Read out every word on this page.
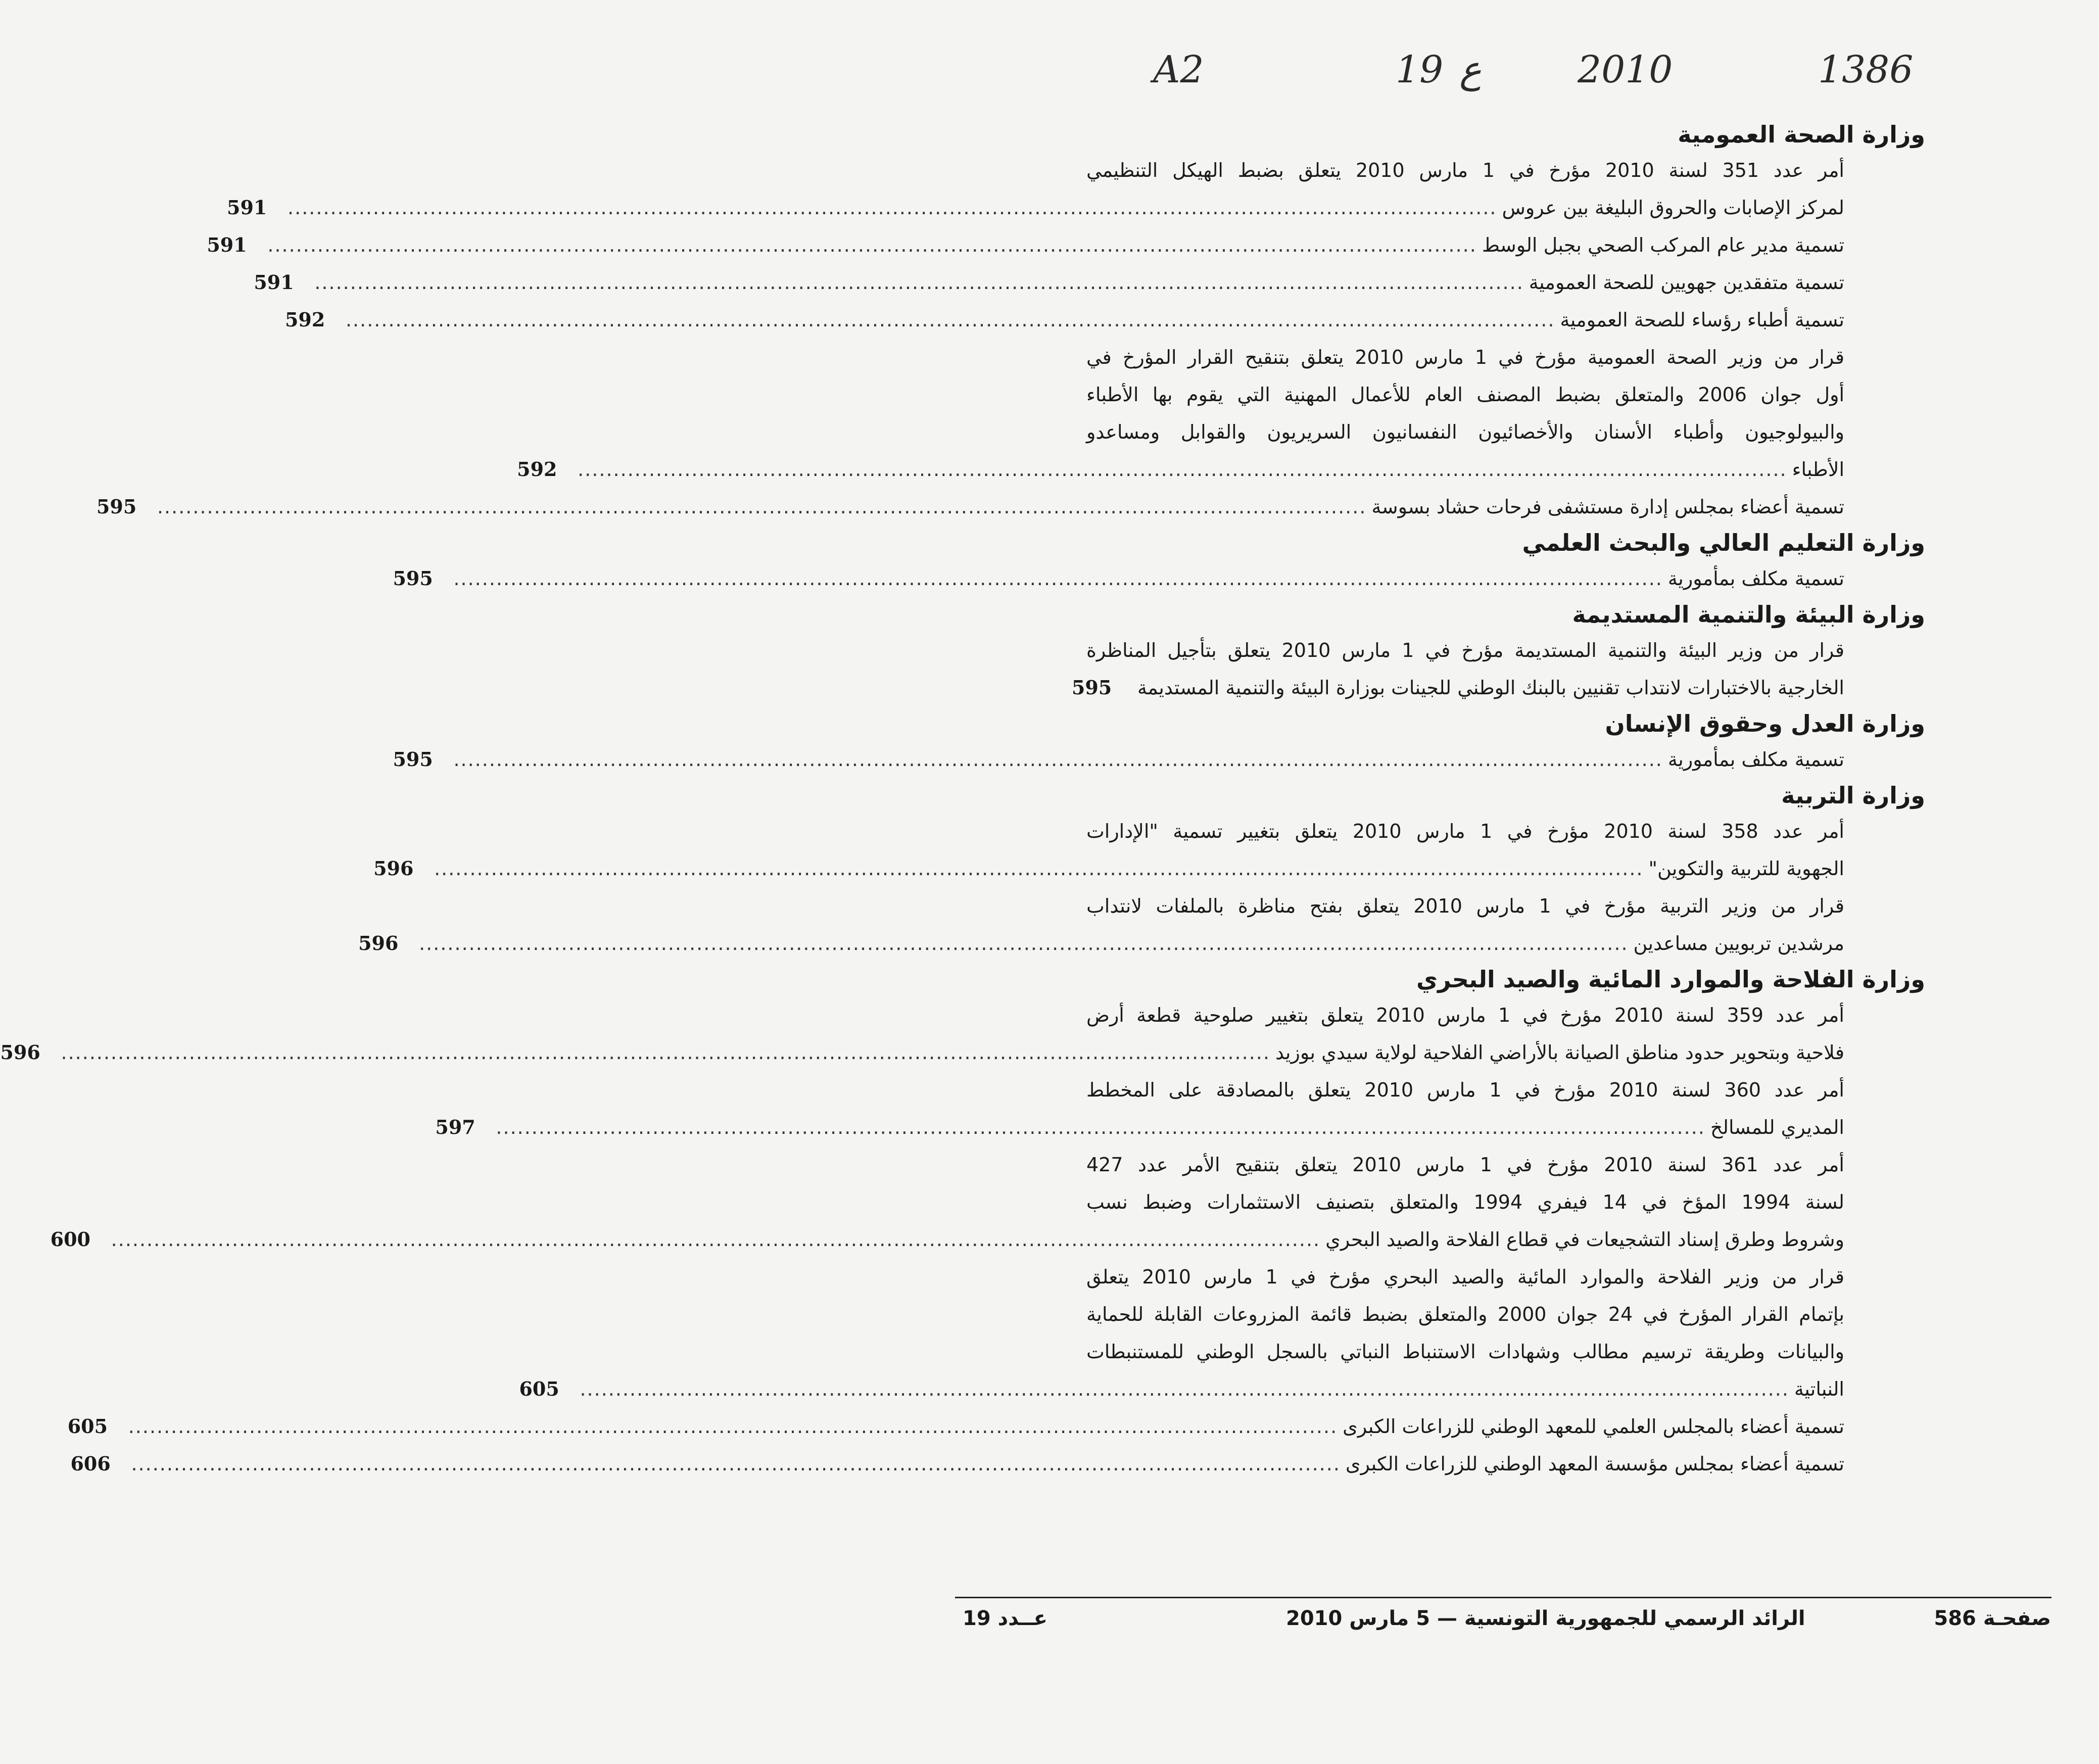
A2	19 ع	2010	1386
وزارة الصحة العمومية
أمر عدد 351 لسنة 2010 مؤرخ في 1 مارس 2010 يتعلق بضبط الهيكل التنظيمي
لمركز الإصابات والحروق البليغة بين عروس
..........................................................................................................................................................................
591
تسمية مدير عام المركب الصحي بجبل الوسط
..........................................................................................................................................................................
591
تسمية متفقدين جهويين للصحة العمومية
..........................................................................................................................................................................
591
تسمية أطباء رؤساء للصحة العمومية
..........................................................................................................................................................................
592
قرار من وزير الصحة العمومية مؤرخ في 1 مارس 2010 يتعلق بتنقيح القرار المؤرخ في
أول جوان 2006 والمتعلق بضبط المصنف العام للأعمال المهنية التي يقوم بها الأطباء
والبيولوجيون وأطباء الأسنان والأخصائيون النفسانيون السريريون والقوابل ومساعدو
الأطباء
..........................................................................................................................................................................
592
تسمية أعضاء بمجلس إدارة مستشفى فرحات حشاد بسوسة
..........................................................................................................................................................................
595
وزارة التعليم العالي والبحث العلمي
تسمية مكلف بمأمورية
..........................................................................................................................................................................
595
وزارة البيئة والتنمية المستديمة
قرار من وزير البيئة والتنمية المستديمة مؤرخ في 1 مارس 2010 يتعلق بتأجيل المناظرة
الخارجية بالاختبارات لانتداب تقنيين بالبنك الوطني للجينات بوزارة البيئة والتنمية المستديمة
595
وزارة العدل وحقوق الإنسان
تسمية مكلف بمأمورية
..........................................................................................................................................................................
595
وزارة التربية
أمر عدد 358 لسنة 2010 مؤرخ في 1 مارس 2010 يتعلق بتغيير تسمية "الإدارات
الجهوية للتربية والتكوين"
..........................................................................................................................................................................
596
قرار من وزير التربية مؤرخ في 1 مارس 2010 يتعلق بفتح مناظرة بالملفات لانتداب
مرشدين تربويين مساعدين
..........................................................................................................................................................................
596
وزارة الفلاحة والموارد المائية والصيد البحري
أمر عدد 359 لسنة 2010 مؤرخ في 1 مارس 2010 يتعلق بتغيير صلوحية قطعة أرض
فلاحية وبتحوير حدود مناطق الصيانة بالأراضي الفلاحية لولاية سيدي بوزيد
..........................................................................................................................................................................
596
أمر عدد 360 لسنة 2010 مؤرخ في 1 مارس 2010 يتعلق بالمصادقة على المخطط
المديري للمسالخ
..........................................................................................................................................................................
597
أمر عدد 361 لسنة 2010 مؤرخ في 1 مارس 2010 يتعلق بتنقيح الأمر عدد 427
لسنة 1994 المؤخ في 14 فيفري 1994 والمتعلق بتصنيف الاستثمارات وضبط نسب
وشروط وطرق إسناد التشجيعات في قطاع الفلاحة والصيد البحري
..........................................................................................................................................................................
600
قرار من وزير الفلاحة والموارد المائية والصيد البحري مؤرخ في 1 مارس 2010 يتعلق
بإتمام القرار المؤرخ في 24 جوان 2000 والمتعلق بضبط قائمة المزروعات القابلة للحماية
والبيانات وطريقة ترسيم مطالب وشهادات الاستنباط النباتي بالسجل الوطني للمستنبطات
النباتية
..........................................................................................................................................................................
605
تسمية أعضاء بالمجلس العلمي للمعهد الوطني للزراعات الكبرى
..........................................................................................................................................................................
605
تسمية أعضاء بمجلس مؤسسة المعهد الوطني للزراعات الكبرى
..........................................................................................................................................................................
606
صفحـة 586
الرائد الرسمي للجمهورية التونسية — 5 مارس 2010
عــدد 19
